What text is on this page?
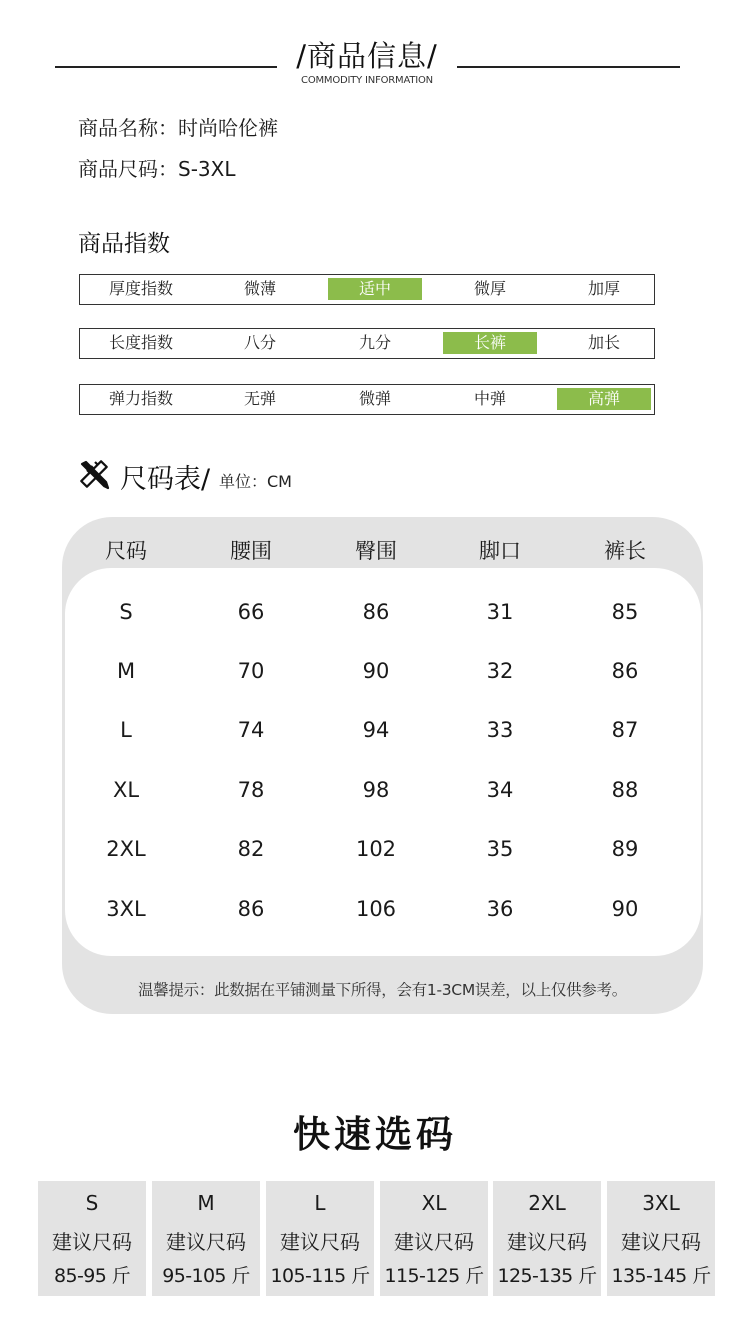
/商品信息/
COMMODITY INFORMATION
商品名称：时尚哈伦裤
商品尺码：S-3XL
商品指数
厚度指数	微薄	适中	微厚	加厚
长度指数	八分	九分	长裤	加长
弹力指数	无弹	微弹	中弹	高弹
尺码表/ 单位：CM
尺码	腰围	臀围	脚口	裤长
S	66	86	31	85
M	70	90	32	86
L	74	94	33	87
XL	78	98	34	88
2XL	82	102	35	89
3XL	86	106	36	90
温馨提示：此数据在平铺测量下所得，会有1-3CM误差，以上仅供参考。
快速选码
S
建议尺码
85-95 斤
M
建议尺码
95-105 斤
L
建议尺码
105-115 斤
XL
建议尺码
115-125 斤
2XL
建议尺码
125-135 斤
3XL
建议尺码
135-145 斤
